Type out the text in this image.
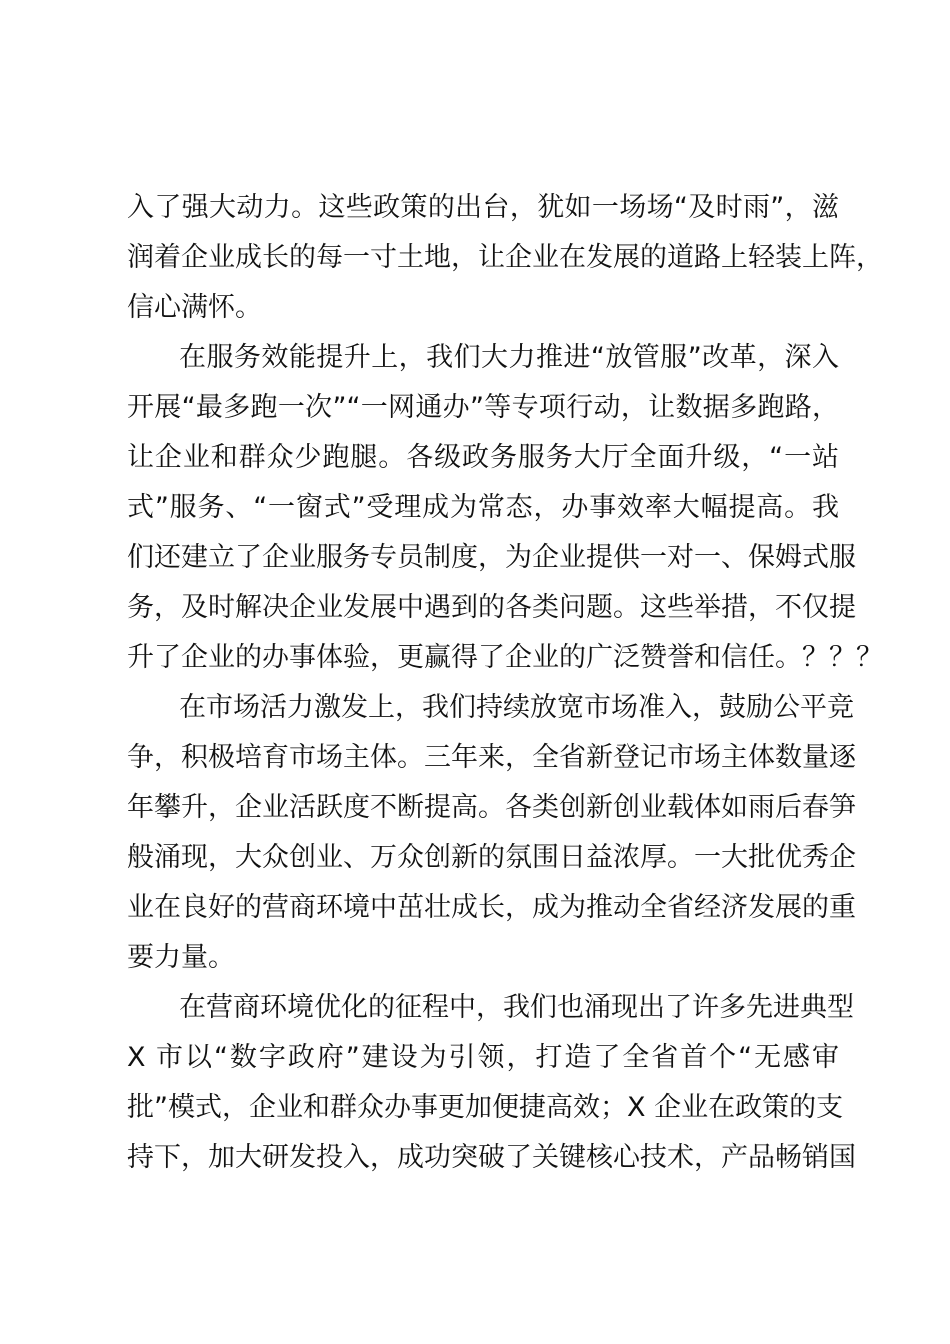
入了强大动力。这些政策的出台，犹如一场场“及时雨”，滋
润着企业成长的每一寸土地，让企业在发展的道路上轻装上阵，
信心满怀。
在服务效能提升上，我们大力推进“放管服”改革，深入
开展“最多跑一次”“一网通办”等专项行动，让数据多跑路，
让企业和群众少跑腿。各级政务服务大厅全面升级，“一站
式”服务、“一窗式”受理成为常态，办事效率大幅提高。我
们还建立了企业服务专员制度，为企业提供一对一、保姆式服
务，及时解决企业发展中遇到的各类问题。这些举措，不仅提
升了企业的办事体验，更赢得了企业的广泛赞誉和信任。？？？
在市场活力激发上，我们持续放宽市场准入，鼓励公平竞
争，积极培育市场主体。三年来，全省新登记市场主体数量逐
年攀升，企业活跃度不断提高。各类创新创业载体如雨后春笋
般涌现，大众创业、万众创新的氛围日益浓厚。一大批优秀企
业在良好的营商环境中茁壮成长，成为推动全省经济发展的重
要力量。
在营商环境优化的征程中，我们也涌现出了许多先进典型
X 市以“数字政府”建设为引领，打造了全省首个“无感审
批”模式，企业和群众办事更加便捷高效；X 企业在政策的支
持下，加大研发投入，成功突破了关键核心技术，产品畅销国
